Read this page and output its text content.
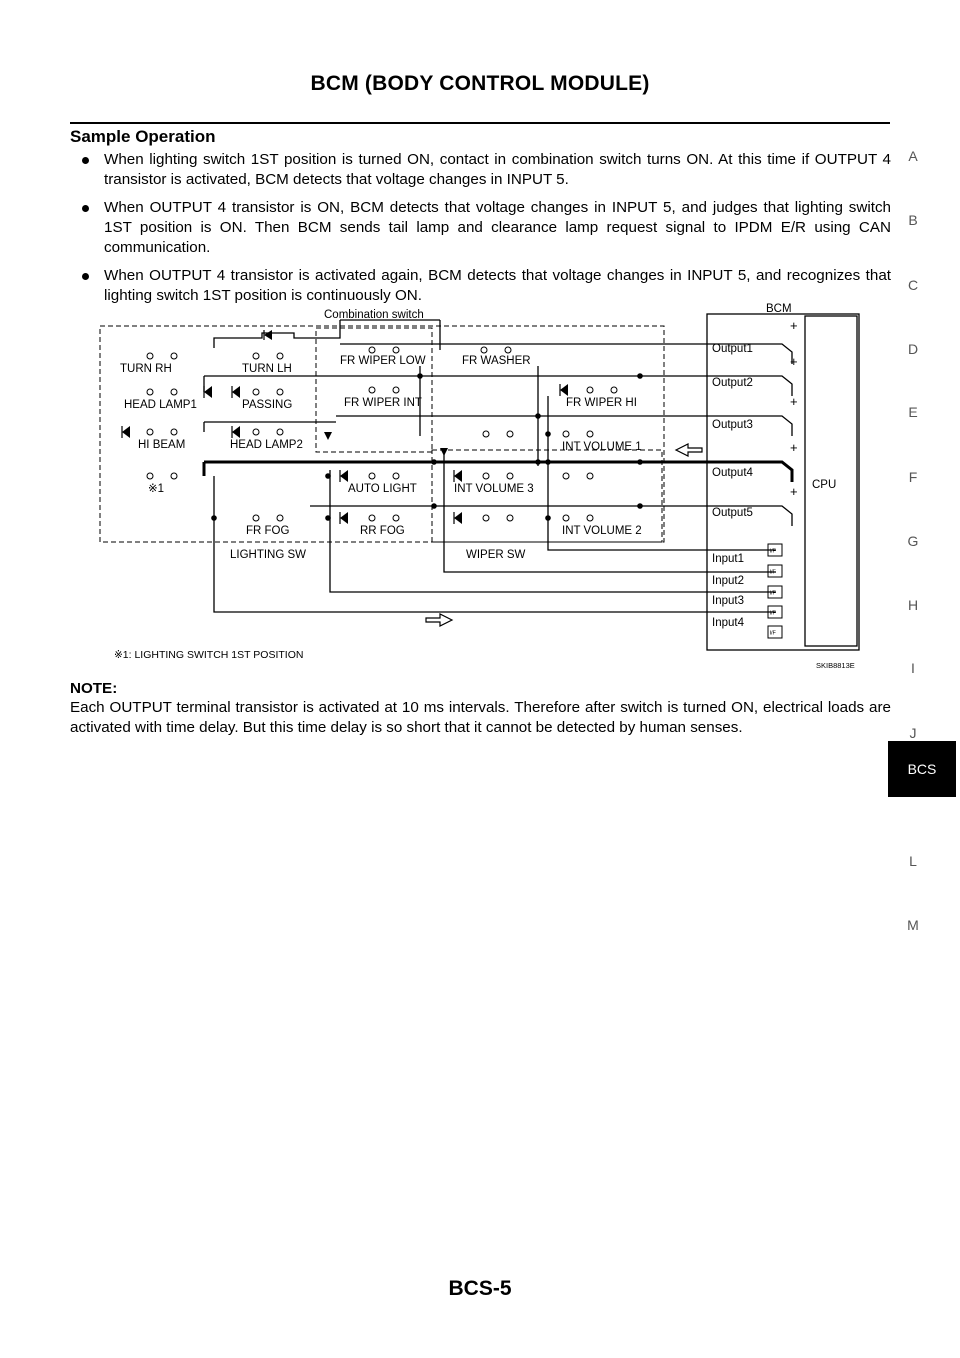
BCM (BODY CONTROL MODULE)
Sample Operation
When lighting switch 1ST position is turned ON, contact in combination switch turns ON. At this time if OUTPUT 4 transistor is activated, BCM detects that voltage changes in INPUT 5.
When OUTPUT 4 transistor is ON, BCM detects that voltage changes in INPUT 5, and judges that lighting switch 1ST position is ON. Then BCM sends tail lamp and clearance lamp request signal to IPDM E/R using CAN communication.
When OUTPUT 4 transistor is activated again, BCM detects that voltage changes in INPUT 5, and recognizes that lighting switch 1ST position is continuously ON.
+
+
+
+
+
Combination switch	BCM
CPU
Output1
Output2
Output3
Output4
Output5
Input1
Input2
Input3
Input4
TURN RH	TURN LH
HEAD LAMP1	PASSING
HI BEAM	HEAD LAMP2
※1
FR FOG
FR WIPER LOW	FR WASHER
FR WIPER INT	FR WIPER HI
INT VOLUME 1
AUTO LIGHT	INT VOLUME 3
RR FOG	INT VOLUME 2
LIGHTING SW	WIPER SW	I/F
I/F
I/F
I/F
I/F
※1: LIGHTING SWITCH 1ST POSITION
SKIB8813E
NOTE:
Each OUTPUT terminal transistor is activated at 10 ms intervals. Therefore after switch is turned ON, electrical loads are activated with time delay. But this time delay is so short that it cannot be detected by human senses.
A
B
C
D
E
F
G
H
I
J
BCS
L
M
BCS-5
